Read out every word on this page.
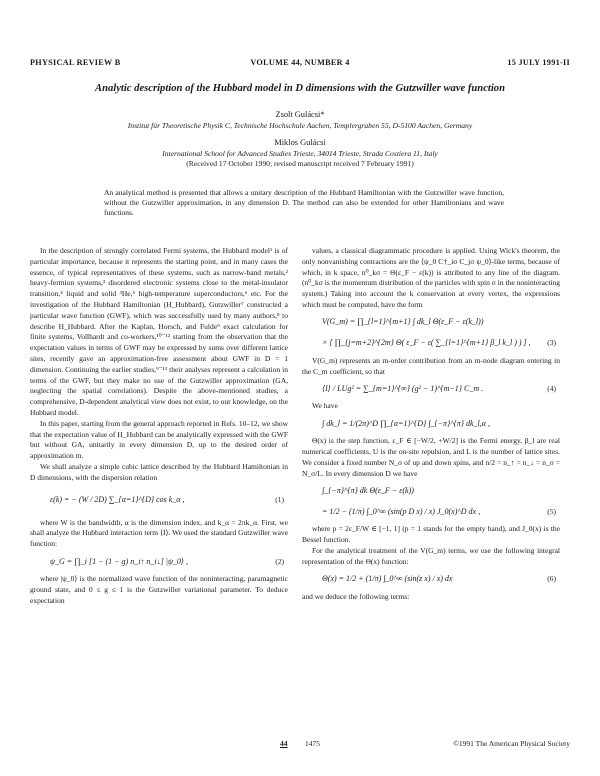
PHYSICAL REVIEW B	VOLUME 44, NUMBER 4	15 JULY 1991-II
Analytic description of the Hubbard model in D dimensions with the Gutzwiller wave function
Zsolt Gulácsi*
Institut für Theoretische Physik C, Technische Hochschule Aachen, Templergraben 55, D-5100 Aachen, Germany
Miklos Gulácsi
International School for Advanced Studies Trieste, 34014 Trieste, Strada Costiera 11, Italy
(Received 17 October 1990; revised manuscript received 7 February 1991)
An analytical method is presented that allows a unitary description of the Hubbard Hamiltonian with the Gutzwiller wave function, without the Gutzwiller approximation, in any dimension D. The method can also be extended for other Hamiltonians and wave functions.

In the description of strongly correlated Fermi systems, the Hubbard model¹ is of particular importance, because it represents the starting point, and in many cases the essence, of typical representatives of these systems, such as narrow-band metals,² heavy-fermion systems,³ disordered electronic systems close to the metal-insulator transition,⁴ liquid and solid ³He,⁵ high-temperature superconductors,⁶ etc. For the investigation of the Hubbard Hamiltonian (H_Hubbard), Gutzwiller⁷ constructed a particular wave function (GWF), which was successfully used by many authors,⁸ to describe H_Hubbard. After the Kaplan, Horsch, and Fulde⁹ exact calculation for finite systems, Vollhardt and co-workers,¹⁰⁻¹² starting from the observation that the expectation values in terms of GWF may be expressed by sums over different lattice sites, recently gave an approximation-free assessment about GWF in D = 1 dimension. Continuing the earlier studies,⁹⁻¹³ their analyses represent a calculation in terms of the GWF, but they make no use of the Gutzwiller approximation (GA, neglecting the spatial correlations). Despite the above-mentioned studies, a comprehensive, D-dependent analytical view does not exist, to our knowledge, on the Hubbard model.

In this paper, starting from the general approach reported in Refs. 10–12, we show that the expectation value of H_Hubbard can be analytically expressed with the GWF but without GA, unitarily in every dimension D, up to the desired order of approximation m.

We shall analyze a simple cubic lattice described by the Hubbard Hamiltonian in D dimensions, with the dispersion relation

ε(k) = − (W / 2D) ∑_{α=1}^{D} cos k_α ,	(1)

where W is the bandwidth, α is the dimension index, and k_α = 2πk_α. First, we shall analyze the Hubbard interaction term ⟨I⟩. We used the standard Gutzwiller wave function:

ψ_G = ∏_i [1 − (1 − g) n_i↑ n_i↓] |ψ_0⟩ ,	(2)

where |ψ_0⟩ is the normalized wave function of the noninteracting, paramagnetic ground state, and 0 ≤ g ≤ 1 is the Gutzwiller variational parameter. To deduce expectation

values, a classical diagrammatic procedure is applied. Using Wick's theorem, the only nonvanishing contractions are the ⟨ψ_0 C†_iσ C_jσ ψ_0⟩-like terms, because of which, in k space, n⁰_kσ = Θ(ε_F − ε(k)) is attributed to any line of the diagram. (n⁰_kσ is the momentum distribution of the particles with spin σ in the noninteracting system.) Taking into account the k conservation at every vertex, the expressions which must be computed, have the form

V(G_m) = ∏_{l=1}^{m+1} ∫ dk_l Θ(ε_F − ε(k_l))
× [ ∏_{j=m+2}^{2m} Θ( ε_F − ε( ∑_{l=1}^{m+1} β_l k_l ) ) ] , (3)

V(G_m) represents an m-order contribution from an m-node diagram entering in the C_m coefficient, so that

⟨I⟩ / LUg² = ∑_{m=1}^{∞} (g² − 1)^{m−1} C_m .	(4)

We have

∫ dk_l = 1/(2π)^D ∏_{α=1}^{D} ∫_{−π}^{π} dk_l,α ,

Θ(x) is the step function, ε_F ∈ [−W/2, +W/2] is the Fermi energy, β_l are real numerical coefficients, U is the on-site repulsion, and L is the number of lattice sites. We consider a fixed number N_σ of up and down spins, and n/2 = n_↑ = n_↓ = n_σ = N_σ/L. In every dimension D we have

∫_{−π}^{π} dk Θ(ε_F − ε(k))
= 1/2 − (1/π) ∫_0^∞ (sin(p D x) / x) J_0(x)^D dx ,	(5)

where p = 2ε_F/W ∈ [−1, 1] (p = 1 stands for the empty band), and J_0(x) is the Bessel function.

For the analytical treatment of the V(G_m) terms, we use the following integral representation of the Θ(x) function:

Θ(x) = 1/2 + (1/π) ∫_0^∞ (sin(z x) / x) dx	(6)

and we deduce the following terms:

44 1475	©1991 The American Physical Society
